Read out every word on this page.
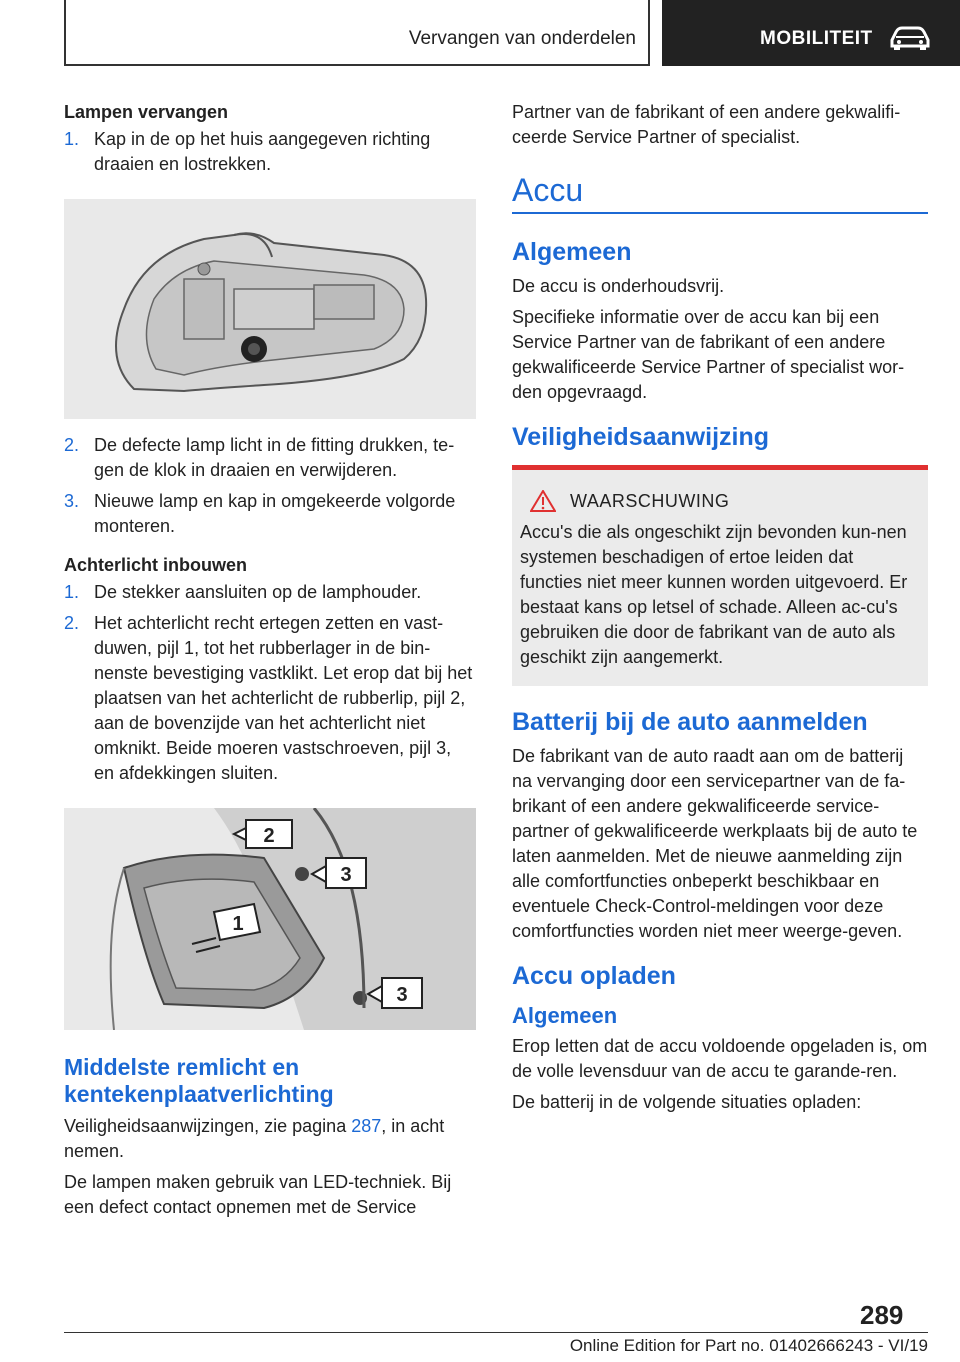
Vervangen van onderdelen	MOBILITEIT
Lampen vervangen
1. Kap in de op het huis aangegeven richting draaien en lostrekken.
2. De defecte lamp licht in de fitting drukken, te-gen de klok in draaien en verwijderen.
3. Nieuwe lamp en kap in omgekeerde volgorde monteren.
Achterlicht inbouwen
1. De stekker aansluiten op de lamphouder.
2. Het achterlicht recht ertegen zetten en vast-duwen, pijl 1, tot het rubberlager in de bin-nenste bevestiging vastklikt. Let erop dat bij het plaatsen van het achterlicht de rubberlip, pijl 2, aan de bovenzijde van het achterlicht niet omknikt. Beide moeren vastschroeven, pijl 3, en afdekkingen sluiten.
2
3
1
3
Middelste remlicht en kentekenplaatverlichting

Veiligheidsaanwijzingen, zie pagina 287, in acht nemen.

De lampen maken gebruik van LED-techniek. Bij een defect contact opnemen met de Service

Partner van de fabrikant of een andere gekwalifi-ceerde Service Partner of specialist.

Accu
Algemeen

De accu is onderhoudsvrij.

Specifieke informatie over de accu kan bij een Service Partner van de fabrikant of een andere gekwalificeerde Service Partner of specialist wor-den opgevraagd.

Veiligheidsaanwijzing
WAARSCHUWING

Accu's die als ongeschikt zijn bevonden kun-nen systemen beschadigen of ertoe leiden dat functies niet meer kunnen worden uitgevoerd. Er bestaat kans op letsel of schade. Alleen ac-cu's gebruiken die door de fabrikant van de auto als geschikt zijn aangemerkt.

Batterij bij de auto aanmelden

De fabrikant van de auto raadt aan om de batterij na vervanging door een servicepartner van de fa-brikant of een andere gekwalificeerde service-partner of gekwalificeerde werkplaats bij de auto te laten aanmelden. Met de nieuwe aanmelding zijn alle comfortfuncties onbeperkt beschikbaar en eventuele Check-Control-meldingen voor deze comfortfuncties worden niet meer weerge-geven.

Accu opladen
Algemeen

Erop letten dat de accu voldoende opgeladen is, om de volle levensduur van de accu te garande-ren.

De batterij in de volgende situaties opladen:

289
Online Edition for Part no. 01402666243 - VI/19
